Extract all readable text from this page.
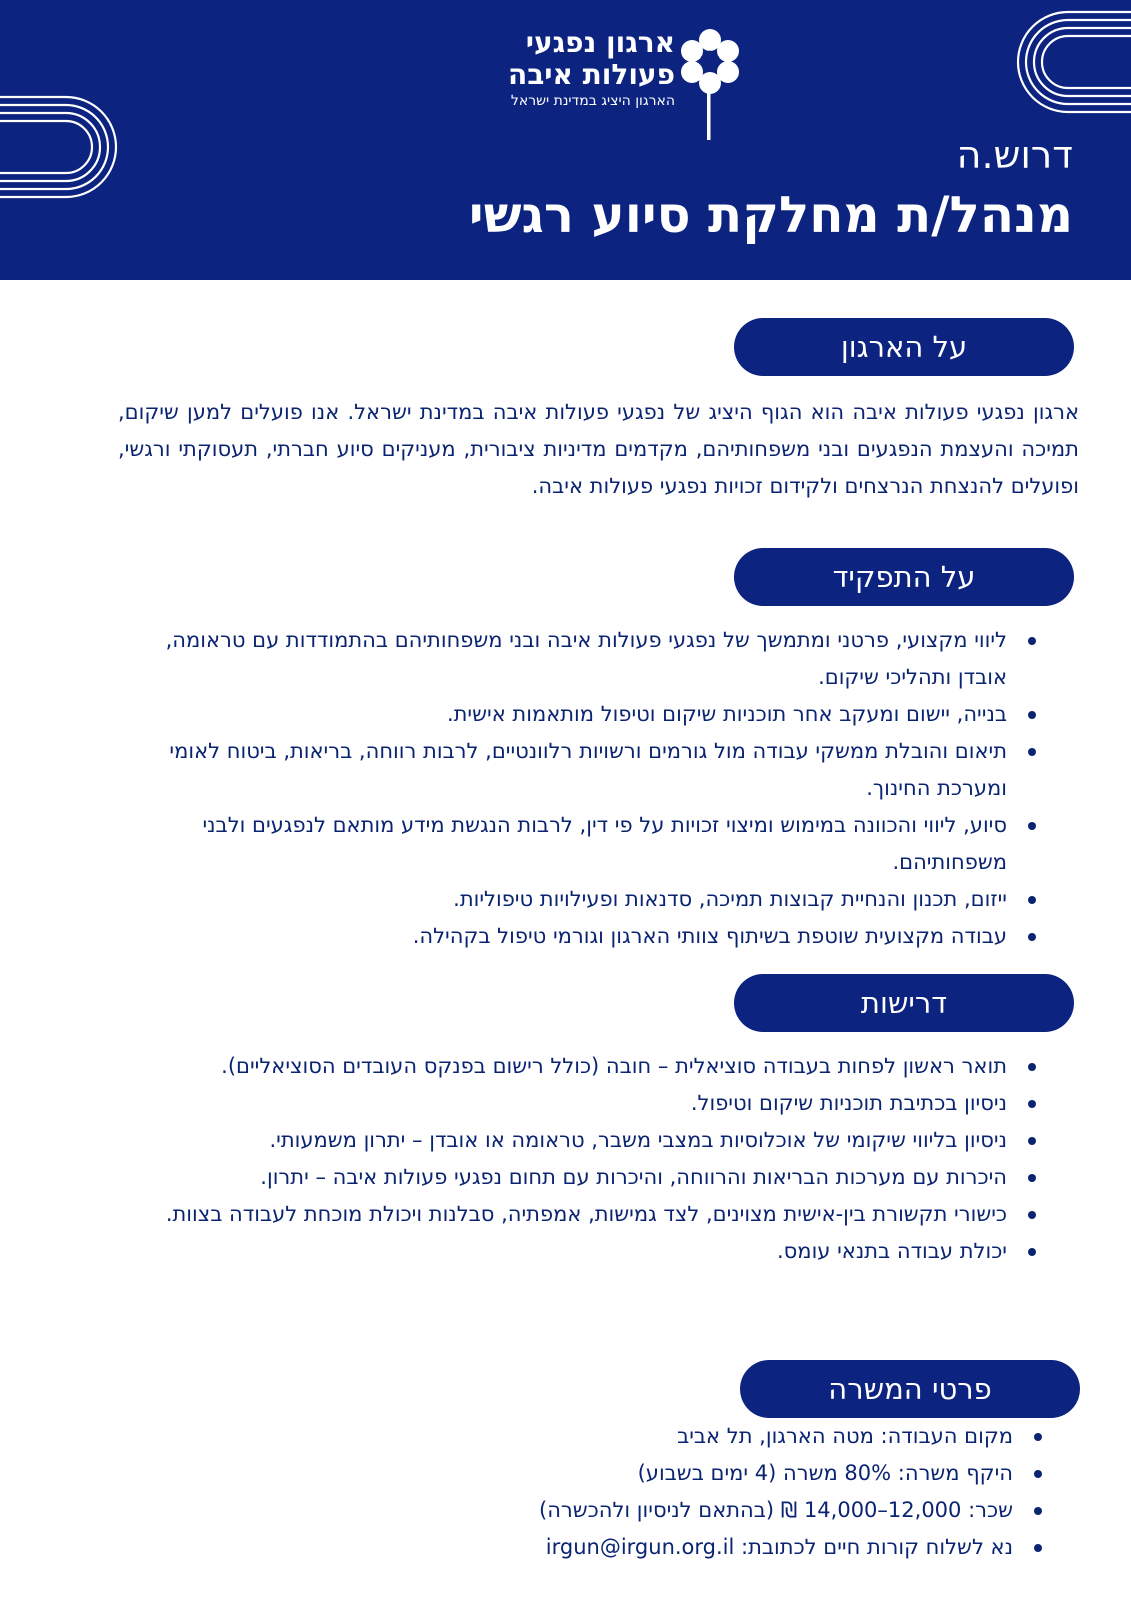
ארגון נפגעי
פעולות איבה
הארגון היציג במדינת ישראל
דרוש.ה
מנהל/ת מחלקת סיוע רגשי
על הארגון

ארגון נפגעי פעולות איבה הוא הגוף היציג של נפגעי פעולות איבה במדינת ישראל. אנו פועלים למען שיקום, תמיכה והעצמת הנפגעים ובני משפחותיהם, מקדמים מדיניות ציבורית, מעניקים סיוע חברתי, תעסוקתי ורגשי, ופועלים להנצחת הנרצחים ולקידום זכויות נפגעי פעולות איבה.

על התפקיד
ליווי מקצועי, פרטני ומתמשך של נפגעי פעולות איבה ובני משפחותיהם בהתמודדות עם טראומה, אובדן ותהליכי שיקום.
בנייה, יישום ומעקב אחר תוכניות שיקום וטיפול מותאמות אישית.
תיאום והובלת ממשקי עבודה מול גורמים ורשויות רלוונטיים, לרבות רווחה, בריאות, ביטוח לאומי ומערכת החינוך.
סיוע, ליווי והכוונה במימוש ומיצוי זכויות על פי דין, לרבות הנגשת מידע מותאם לנפגעים ולבני משפחותיהם.
ייזום, תכנון והנחיית קבוצות תמיכה, סדנאות ופעילויות טיפוליות.
עבודה מקצועית שוטפת בשיתוף צוותי הארגון וגורמי טיפול בקהילה.
דרישות
תואר ראשון לפחות בעבודה סוציאלית – חובה (כולל רישום בפנקס העובדים הסוציאליים).
ניסיון בכתיבת תוכניות שיקום וטיפול.
ניסיון בליווי שיקומי של אוכלוסיות במצבי משבר, טראומה או אובדן – יתרון משמעותי.
היכרות עם מערכות הבריאות והרווחה, והיכרות עם תחום נפגעי פעולות איבה – יתרון.
כישורי תקשורת בין-אישית מצוינים, לצד גמישות, אמפתיה, סבלנות ויכולת מוכחת לעבודה בצוות.
יכולת עבודה בתנאי עומס.
פרטי המשרה
מקום העבודה: מטה הארגון, תל אביב
היקף משרה: 80% משרה (4 ימים בשבוע)
שכר: 12,000–14,000 ₪ (בהתאם לניסיון ולהכשרה)
נא לשלוח קורות חיים לכתובת: irgun@irgun.org.il
